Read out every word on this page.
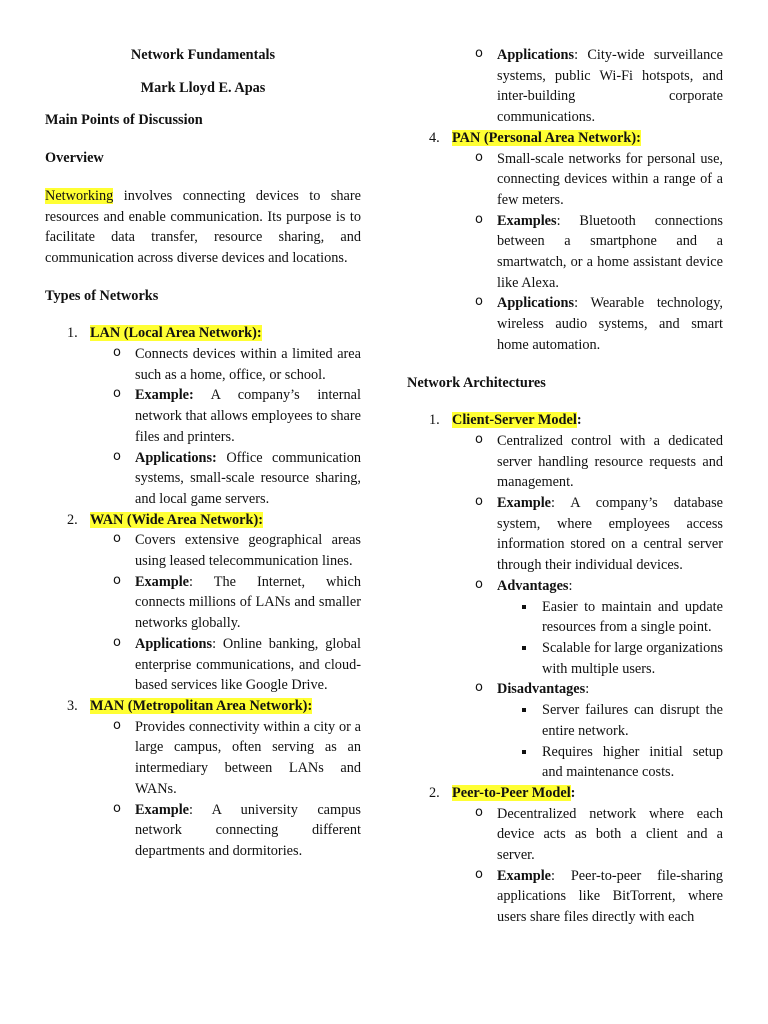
Network Fundamentals

Mark Lloyd E. Apas

Main Points of Discussion

Overview

Networking involves connecting devices to share resources and enable communication. Its purpose is to facilitate data transfer, resource sharing, and communication across diverse devices and locations.

Types of Networks

1. LAN (Local Area Network):
o Connects devices within a limited area such as a home, office, or school.
o Example: A company’s internal network that allows employees to share files and printers.
o Applications: Office communication systems, small-scale resource sharing, and local game servers.
2. WAN (Wide Area Network):
o Covers extensive geographical areas using leased telecommunication lines.
o Example: The Internet, which connects millions of LANs and smaller networks globally.
o Applications: Online banking, global enterprise communications, and cloud-based services like Google Drive.
3. MAN (Metropolitan Area Network):
o Provides connectivity within a city or a large campus, often serving as an intermediary between LANs and WANs.
o Example: A university campus network connecting different departments and dormitories.
o Applications: City-wide surveillance systems, public Wi-Fi hotspots, and inter-building corporate communications.
4. PAN (Personal Area Network):
o Small-scale networks for personal use, connecting devices within a range of a few meters.
o Examples: Bluetooth connections between a smartphone and a smartwatch, or a home assistant device like Alexa.
o Applications: Wearable technology, wireless audio systems, and smart home automation.

Network Architectures

1. Client-Server Model:
o Centralized control with a dedicated server handling resource requests and management.
o Example: A company’s database system, where employees access information stored on a central server through their individual devices.
o Advantages:
Easier to maintain and update resources from a single point.
Scalable for large organizations with multiple users.
o Disadvantages:
Server failures can disrupt the entire network.
Requires higher initial setup and maintenance costs.
2. Peer-to-Peer Model:
o Decentralized network where each device acts as both a client and a server.
o Example: Peer-to-peer file-sharing applications like BitTorrent, where users share files directly with each
